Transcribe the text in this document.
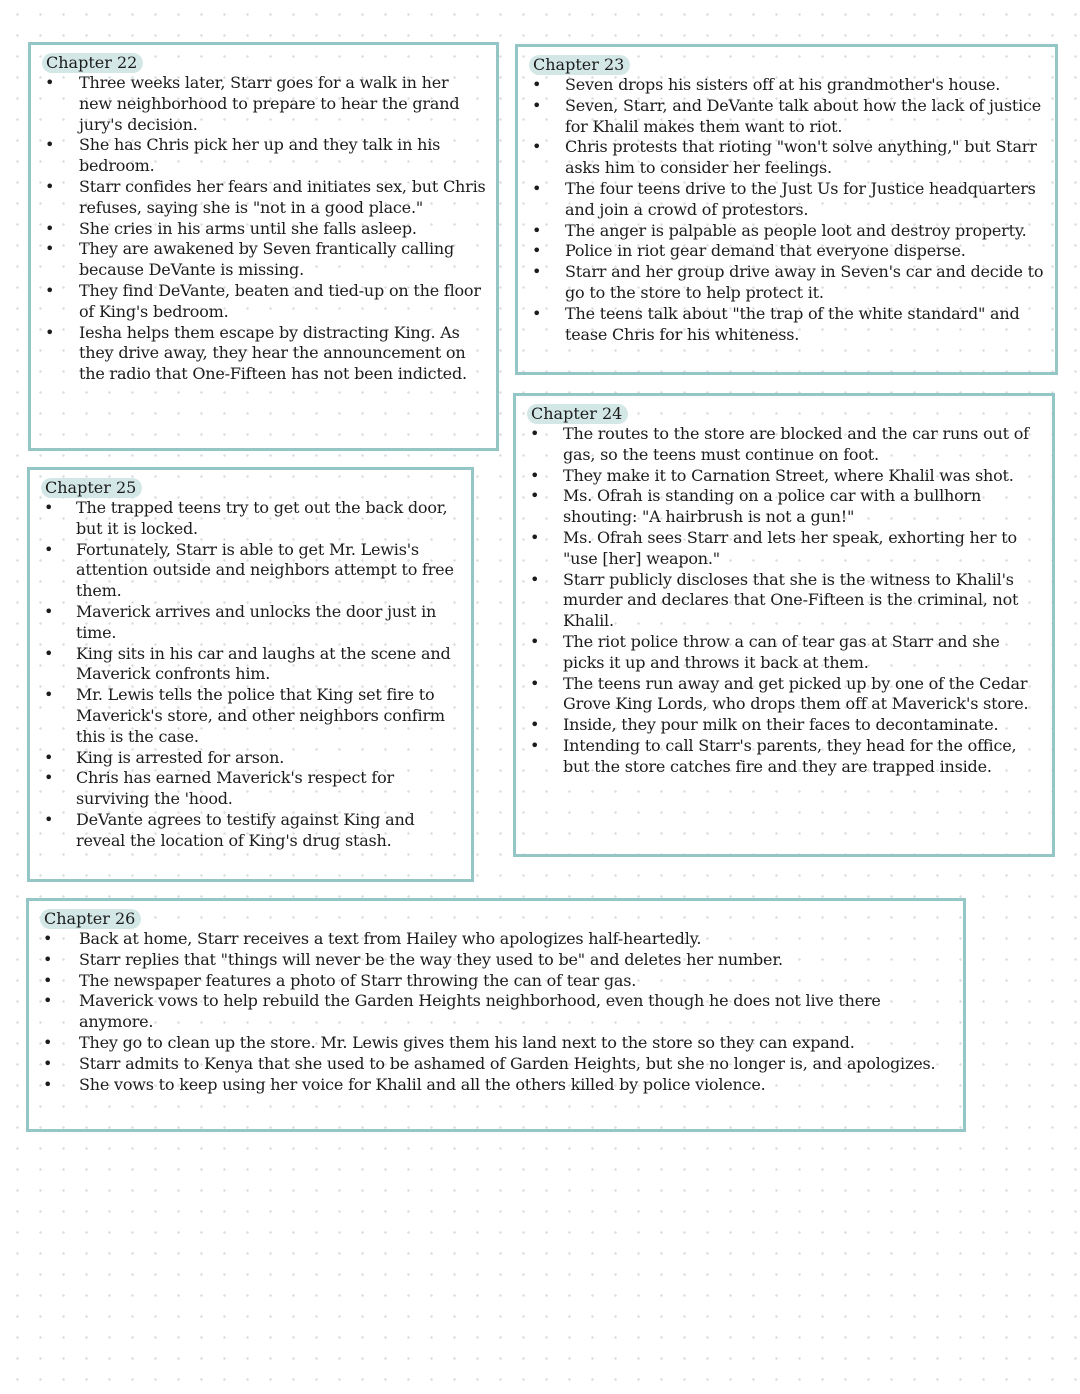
Chapter 22
• Three weeks later, Starr goes for a walk in her new neighborhood to prepare to hear the grand jury's decision.
• She has Chris pick her up and they talk in his bedroom.
• Starr confides her fears and initiates sex, but Chris refuses, saying she is "not in a good place."
• She cries in his arms until she falls asleep.
• They are awakened by Seven frantically calling because DeVante is missing.
• They find DeVante, beaten and tied-up on the floor of King's bedroom.
• Iesha helps them escape by distracting King. As they drive away, they hear the announcement on the radio that One-Fifteen has not been indicted.
Chapter 23
• Seven drops his sisters off at his grandmother's house.
• Seven, Starr, and DeVante talk about how the lack of justice for Khalil makes them want to riot.
• Chris protests that rioting "won't solve anything," but Starr asks him to consider her feelings.
• The four teens drive to the Just Us for Justice headquarters and join a crowd of protestors.
• The anger is palpable as people loot and destroy property.
• Police in riot gear demand that everyone disperse.
• Starr and her group drive away in Seven's car and decide to go to the store to help protect it.
• The teens talk about "the trap of the white standard" and tease Chris for his whiteness.
Chapter 24
• The routes to the store are blocked and the car runs out of gas, so the teens must continue on foot.
• They make it to Carnation Street, where Khalil was shot.
• Ms. Ofrah is standing on a police car with a bullhorn shouting: "A hairbrush is not a gun!"
• Ms. Ofrah sees Starr and lets her speak, exhorting her to "use [her] weapon."
• Starr publicly discloses that she is the witness to Khalil's murder and declares that One-Fifteen is the criminal, not Khalil.
• The riot police throw a can of tear gas at Starr and she picks it up and throws it back at them.
• The teens run away and get picked up by one of the Cedar Grove King Lords, who drops them off at Maverick's store.
• Inside, they pour milk on their faces to decontaminate.
• Intending to call Starr's parents, they head for the office, but the store catches fire and they are trapped inside.
Chapter 25
• The trapped teens try to get out the back door, but it is locked.
• Fortunately, Starr is able to get Mr. Lewis's attention outside and neighbors attempt to free them.
• Maverick arrives and unlocks the door just in time.
• King sits in his car and laughs at the scene and Maverick confronts him.
• Mr. Lewis tells the police that King set fire to Maverick's store, and other neighbors confirm this is the case.
• King is arrested for arson.
• Chris has earned Maverick's respect for surviving the 'hood.
• DeVante agrees to testify against King and reveal the location of King's drug stash.
Chapter 26
• Back at home, Starr receives a text from Hailey who apologizes half-heartedly.
• Starr replies that "things will never be the way they used to be" and deletes her number.
• The newspaper features a photo of Starr throwing the can of tear gas.
• Maverick vows to help rebuild the Garden Heights neighborhood, even though he does not live there anymore.
• They go to clean up the store. Mr. Lewis gives them his land next to the store so they can expand.
• Starr admits to Kenya that she used to be ashamed of Garden Heights, but she no longer is, and apologizes.
• She vows to keep using her voice for Khalil and all the others killed by police violence.
